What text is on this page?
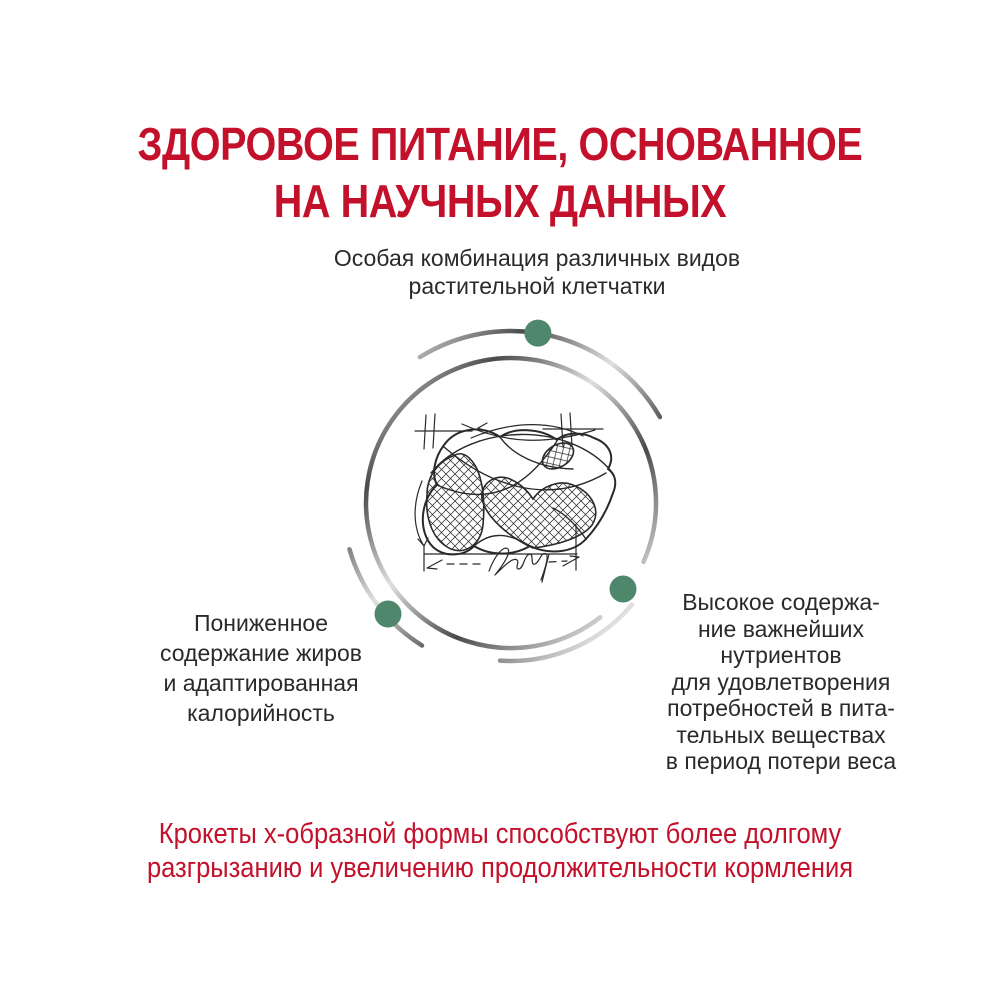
ЗДОРОВОЕ ПИТАНИЕ, ОСНОВАННОЕ
НА НАУЧНЫХ ДАННЫХ
Особая комбинация различных видов
растительной клетчатки
Пониженное
содержание жиров
и адаптированная
калорийность
Высокое содержа-
ние важнейших
нутриентов
для удовлетворения
потребностей в пита-
тельных веществах
в период потери веса
Крокеты х-образной формы способствуют более долгому
разгрызанию и увеличению продолжительности кормления
